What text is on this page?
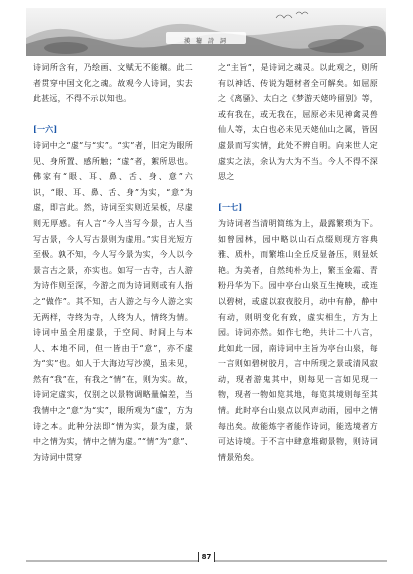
漢 籀 詩 詞

诗词所含有，乃绘画、文赋无不能穰。此二者贯穿中国文化之魂。故观今人诗词，实去此甚远，不得不示以知也。

[一六]

诗词中之“虚”与“实”。“实”者，旧定为眼所见、身所置、感所触；“虚”者，絮所思也。佛家有“眼、耳、鼻、舌、身、意”六识，“眼、耳、鼻、舌、身”为实，“意”为虚，即言此。然，诗词至实则近呆板，尽虚则无厚感。有人言“今人当写今景，古人当写古景，今人写古景则为虚用。”实目光短方至极。孰不知，今人写今景为实，今人以今景言古之景，亦实也。如写一古寺，古人游为诗作则至深，今游之而为诗词则或有人指之“做作”。其不知，古人游之与今人游之实无两样，寺终为寺，人终为人，情终为情。诗词中虽全用虚景，于空间、时间上与本人、本地不同，但一皆由于“意”，亦不虚为“实”也。如人于大海边写沙漠，虽未见，然有“我”在，有我之“情”在，则为实。故，诗词定虚实，仅别之以景物调略量偏差，当我情中之“意”为“实”，眼所观为“虚”，方为诗之本。此种分法即“情为实，景为虚，景中之情为实，情中之情为虚。”“情”为“意”、为诗词中贯穿

之“主旨”，是诗词之魂灵。以此观之，则所有以神话、传说为题材者全可解矣。如屈原之《离骚》、太白之《梦游天姥吟留别》等，或有我在，或无我在，屈原必未见神禽灵兽仙人等，太白也必未见天姥仙山之属，皆因虚景而写实情，此处不辨自明。向来世人定虚实之法，余认为大为不当。今人不得不深思之

[一七]

为诗词者当清明简练为上，最露繁琐为下。如曾园林，园中略以山石点缀则现方容典雅、质朴，而繁堆山全丘反显备压，则显妖艳。为美者，自然纯朴为上，繁玉金霜、青粉丹华为下。园中亭台山泉互生掩映，或连以碧树，或虚以寂夜胶月，动中有静，静中有动，则明变化有致，虚实相生，方为上园。诗词亦然。如作七绝，共计二十八言，此如此一园，南诗词中主旨为亭台山泉，每一言则如碧树胶月，言中所现之景或清风寂动，现者游鬼其中，则每见一言如见现一物，现者一物如览其地，每览其境则每至其情。此时亭台山泉点以风声动雨，园中之情每出矣。故能炼字者能作诗词，能选境者方可达诗境。于不言中肆意堆砌景物，则诗词情景殆矣。

87
